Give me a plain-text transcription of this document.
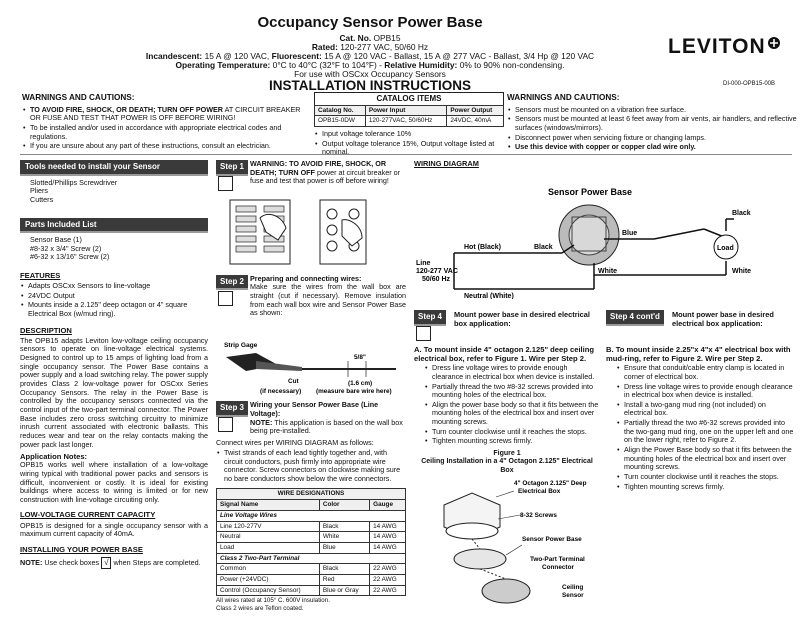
Occupancy Sensor Power Base
Cat. No. OPB15
Rated: 120-277 VAC, 50/60 Hz
Incandescent: 15 A @ 120 VAC, Fluorescent: 15 A @ 120 VAC - Ballast, 15 A @ 277 VAC - Ballast, 3/4 Hp @ 120 VAC
Operating Temperature: 0°C to 40°C (32°F to 104°F) - Relative Humidity: 0% to 90% non-condensing.
For use with OSCxx Occupancy Sensors
INSTALLATION INSTRUCTIONS
LEVITON
DI-000-OPB15-00B
WARNINGS AND CAUTIONS:
• TO AVOID FIRE, SHOCK, OR DEATH; TURN OFF POWER AT CIRCUIT BREAKER OR FUSE AND TEST THAT POWER IS OFF BEFORE WIRING!
• To be installed and/or used in accordance with appropriate electrical codes and regulations.
• If you are unsure about any part of these instructions, consult an electrician.
CATALOG ITEMS
Catalog No.	Power Input	Power Output
OPB15-0DW	120-277VAC, 50/60Hz	24VDC, 40mA
• Input voltage tolerance 10%
• Output voltage tolerance 15%, Output voltage listed at nominal.
WARNINGS AND CAUTIONS:
• Sensors must be mounted on a vibration free surface.
• Sensors must be mounted at least 6 feet away from air vents, air handlers, and reflective surfaces (windows/mirrors).
• Disconnect power when servicing fixture or changing lamps.
• Use this device with copper or copper clad wire only.
Tools needed to install your Sensor
Slotted/Phillips Screwdriver
Pliers
Cutters
Parts Included List
Sensor Base (1)
#8-32 x 3/4" Screw (2)
#6-32 x 13/16" Screw (2)
FEATURES
• Adapts OSCxx Sensors to line-voltage
• 24VDC Output
• Mounts inside a 2.125" deep octagon or 4" square Electrical Box (w/mud ring).
DESCRIPTION

The OPB15 adapts Leviton low-voltage ceiling occupancy sensors to operate on line-voltage electrical systems. Designed to control up to 15 amps of lighting load from a single occupancy sensor. The Power Base contains a power supply and a load switching relay. The power supply provides Class 2 low-voltage power for OSCxx Series Occupancy Sensors. The relay in the Power Base is controlled by the occupancy sensors connected via the control input of the two-part terminal connector. The Power Base includes zero cross switching circuitry to minimize inrush current associated with electronic ballasts. This reduces wear and tear on the relay contacts making the power pack last longer.

Application Notes:

OPB15 works well where installation of a low-voltage wiring typical with traditional power packs and sensors is difficult, inconvenient or costly. It is ideal for existing buildings where access to wiring is limited or for new construction with line-voltage circuiting only.

LOW-VOLTAGE CURRENT CAPACITY

OPB15 is designed for a single occupancy sensor with a maximum current capacity of 40mA.

INSTALLING YOUR POWER BASE
NOTE: Use check boxes √ when Steps are completed.
Step 1 WARNING: TO AVOID FIRE, SHOCK, OR DEATH; TURN OFF power at circuit breaker or fuse and test that power is off before wiring!
Step 2 Preparing and connecting wires:

Make sure the wires from the wall box are straight (cut if necessary). Remove insulation from each wall box wire and Sensor Power Base as shown:

Strip Gage
5/8"
(1.6 cm)
(measure bare wire here)
Cut
(if necessary)
Step 3 Wiring your Sensor Power Base (Line Voltage):
NOTE: This application is based on the wall box being pre-installed.
Connect wires per WIRING DIAGRAM as follows:
• Twist strands of each lead tightly together and, with circuit conductors, push firmly into appropriate wire connector. Screw connectors on clockwise making sure no bare conductors show below the wire connectors.
WIRE DESIGNATIONS		
Signal Name	Color	Gauge
Line Voltage Wires		
Line 120-277V	Black	14 AWG
Neutral	White	14 AWG
Load	Blue	14 AWG
Class 2 Two-Part Terminal		
Common	Black	22 AWG
Power (+24VDC)	Red	22 AWG
Control (Occupancy Sensor)	Blue or Gray	22 AWG
All wires rated at 105° C. 600V insulation.
Class 2 wires are Teflon coated.
WIRING DIAGRAM
Sensor Power Base
Load
Hot (Black)	Black
Blue
Black
White	White
Line
120-277 VAC
50/60 Hz
Neutral (White)
Step 4	Mount power base in desired electrical box application:
A. To mount inside 4" octagon 2.125" deep ceiling electrical box, refer to Figure 1. Wire per Step 2.
• Dress line voltage wires to provide enough clearance in electrical box when device is installed.
• Partially thread the two #8-32 screws provided into mounting holes of the electrical box.
• Align the power base body so that it fits between the mounting holes of the electrical box and insert over mounting screws.
• Turn counter clockwise until it reaches the stops.
• Tighten mounting screws firmly.
Figure 1
Ceiling Installation in a 4" Octagon 2.125" Electrical Box
4" Octagon 2.125" Deep
Electrical Box
8-32 Screws
Sensor Power Base
Two-Part Terminal
Connector
Ceiling
Sensor
Step 4 cont'd	Mount power base in desired electrical box application:
B. To mount inside 2.25"x 4"x 4" electrical box with mud-ring, refer to Figure 2. Wire per Step 2.
• Ensure that conduit/cable entry clamp is located in corner of electrical box.
• Dress line voltage wires to provide enough clearance in electrical box when device is installed.
• Install a two-gang mud ring (not included) on electrical box.
• Partially thread the two #6-32 screws provided into the two-gang mud ring, one on the upper left and one on the lower right, refer to Figure 2.
• Align the Power Base body so that it fits between the mounting holes of the electrical box and insert over mounting screws.
• Turn counter clockwise until it reaches the stops.
• Tighten mounting screws firmly.
